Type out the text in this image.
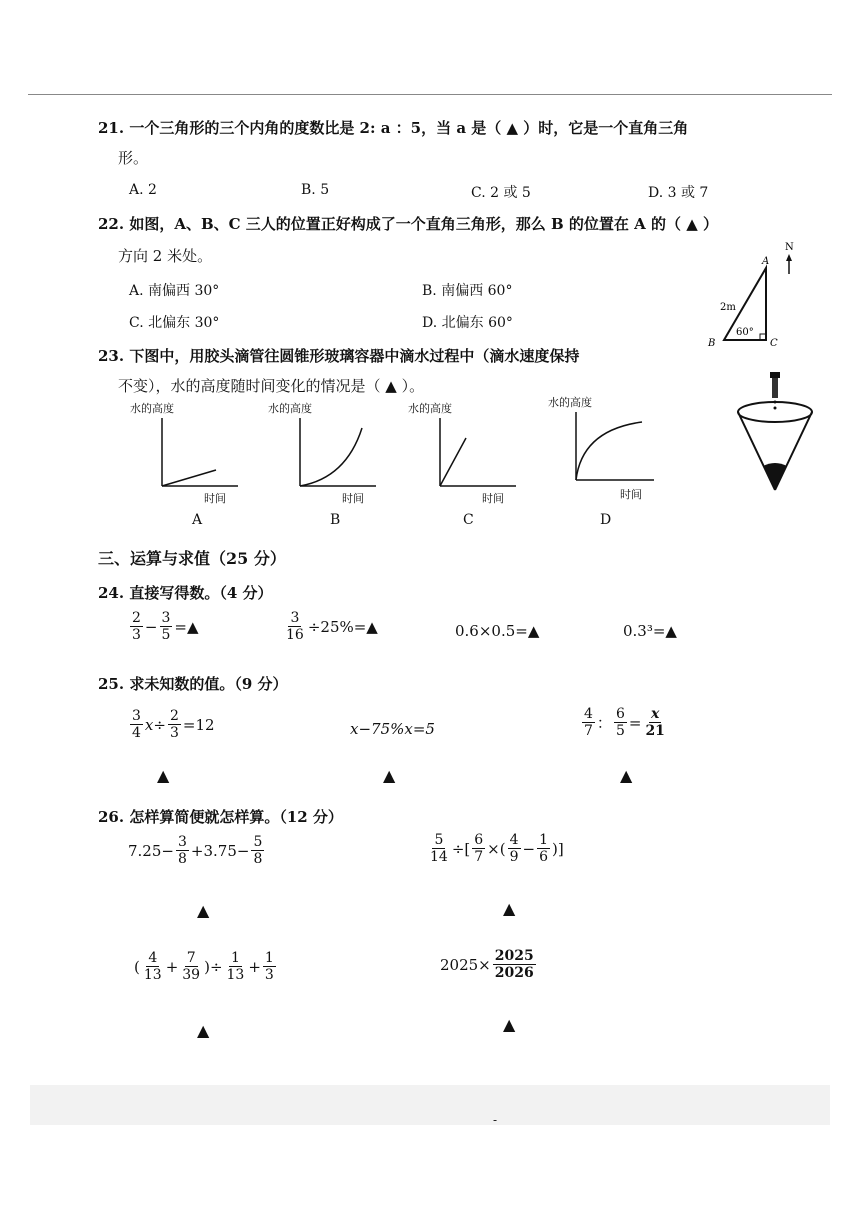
21. 一个三角形的三个内角的度数比是 2: a ：5，当 a 是（ ▲ ）时，它是一个直角三角
形。
A. 2	B. 5	C. 2 或 5	D. 3 或 7
22. 如图，A、B、C 三人的位置正好构成了一个直角三角形，那么 B 的位置在 A 的（ ▲ ）
方向 2 米处。
A. 南偏西 30°	B. 南偏西 60°
C. 北偏东 30°	D. 北偏东 60°
N
A
B	C
2m
60°
23. 下图中，用胶头滴管往圆锥形玻璃容器中滴水过程中（滴水速度保持
不变），水的高度随时间变化的情况是（ ▲ ）。
水的高度
时间
A
水的高度
时间
B
水的高度
时间
C
水的高度
时间
D
三、运算与求值（25 分）
24. 直接写得数。（4 分）
$\frac{2}{3} - \frac{3}{5}$ =▲	$\frac{3}{16}$ ÷25%=▲	0.6×0.5=▲	0.3³=▲
25. 求未知数的值。（9 分）
$\frac{3}{4} x\div \frac{2}{3} =12$	x−75%x=5	$\frac{4}{7}$ ： $\frac{6}{5} = \frac{x}{21}$
▲	▲	▲
26. 怎样算简便就怎样算。（12 分）
$7.25- \frac{3}{8} +3.75- \frac{5}{8}$	$\frac{5}{14}$ ÷[ $\frac{6}{7}$ ×( $\frac{4}{9} - \frac{1}{6}$ )]
▲	▲
( $\frac{4}{13} + \frac{7}{39}$ )÷ $\frac{1}{13} + \frac{1}{3}$	$2025\times \frac{2025}{2026}$
▲	▲
-
